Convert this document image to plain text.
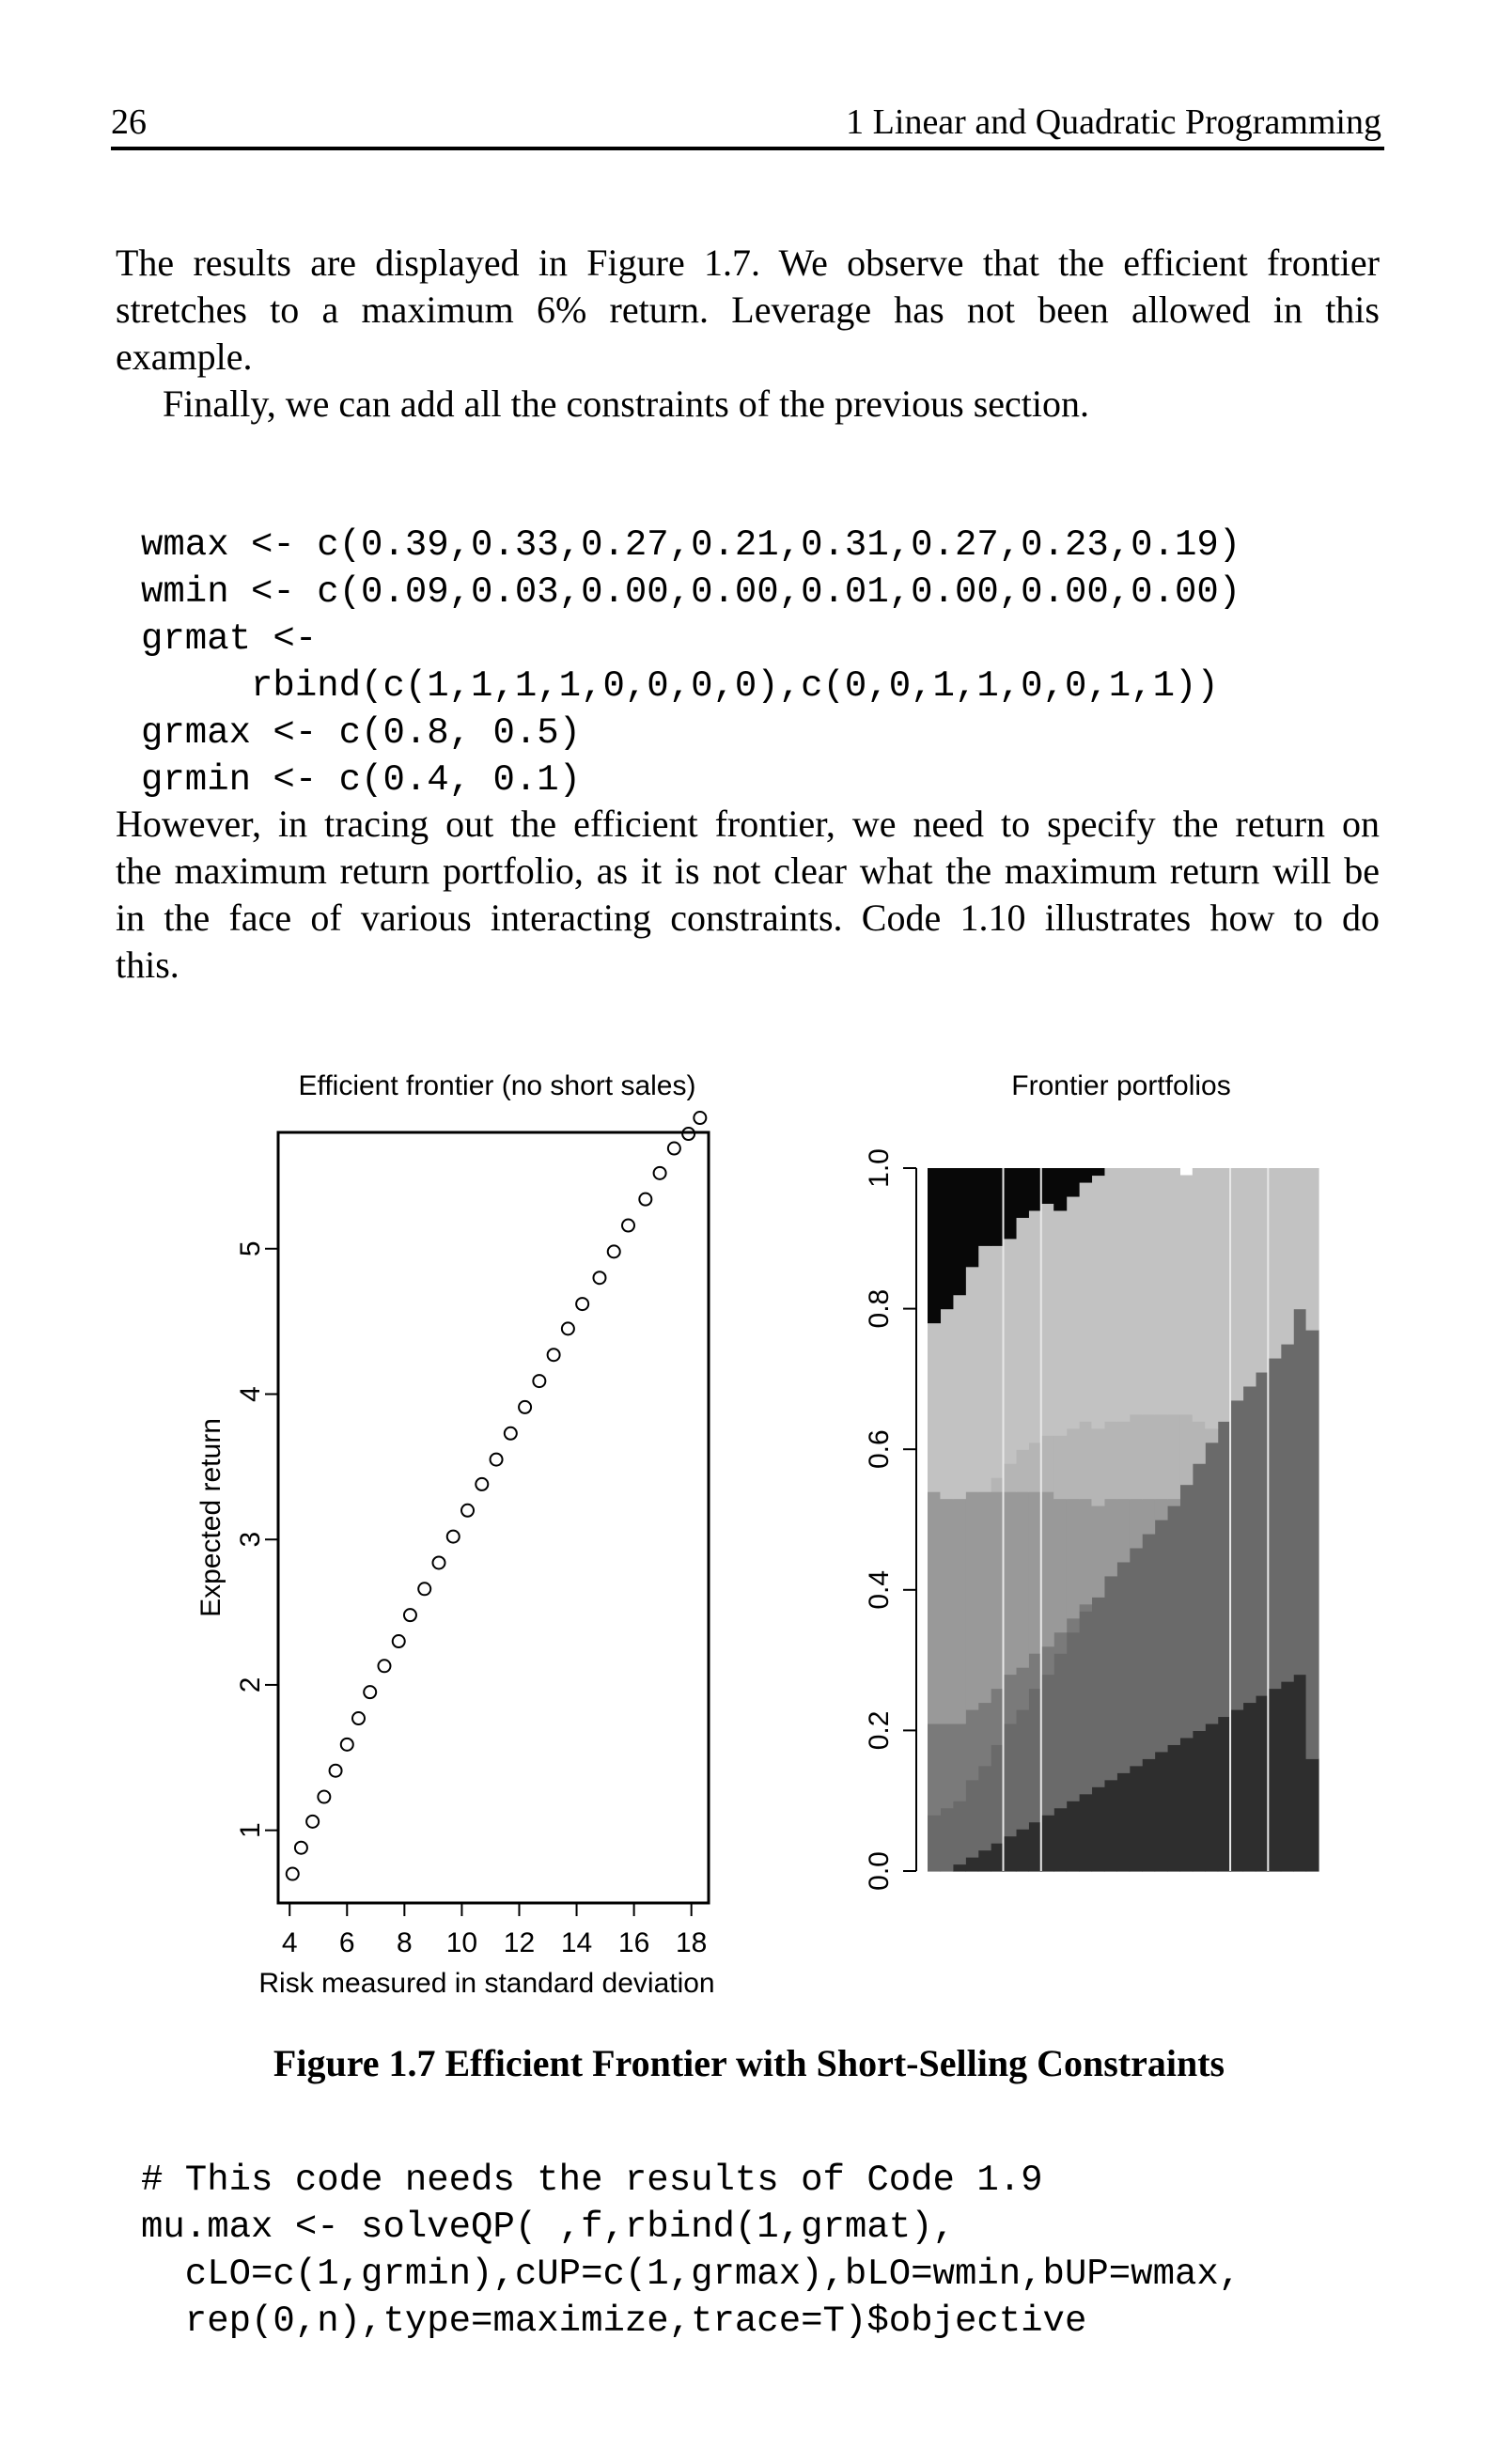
26	1 Linear and Quadratic Programming
The results are displayed in Figure 1.7. We observe that the efficient frontier
stretches to a maximum 6% return. Leverage has not been allowed in this
example.
Finally, we can add all the constraints of the previous section.

wmax <- c(0.39,0.33,0.27,0.21,0.31,0.27,0.23,0.19)
wmin <- c(0.09,0.03,0.00,0.00,0.01,0.00,0.00,0.00)
grmat <-
rbind(c(1,1,1,1,0,0,0,0),c(0,0,1,1,0,0,1,1))
grmax <- c(0.8, 0.5)
grmin <- c(0.4, 0.1)

However, in tracing out the efficient frontier, we need to specify the return on
the maximum return portfolio, as it is not clear what the maximum return will be
in the face of various interacting constraints. Code 1.10 illustrates how to do
this.
Efficient frontier (no short sales)
1
2
3
4
5
4 6 8 10 12 14 16 18
Expected return
Risk measured in standard deviation
Frontier portfolios
0.0
0.2
0.4
0.6
0.8
1.0
Figure 1.7 Efficient Frontier with Short-Selling Constraints

# This code needs the results of Code 1.9
mu.max <- solveQP( ,f,rbind(1,grmat),
cLO=c(1,grmin),cUP=c(1,grmax),bLO=wmin,bUP=wmax,
rep(0,n),type=maximize,trace=T)$objective
